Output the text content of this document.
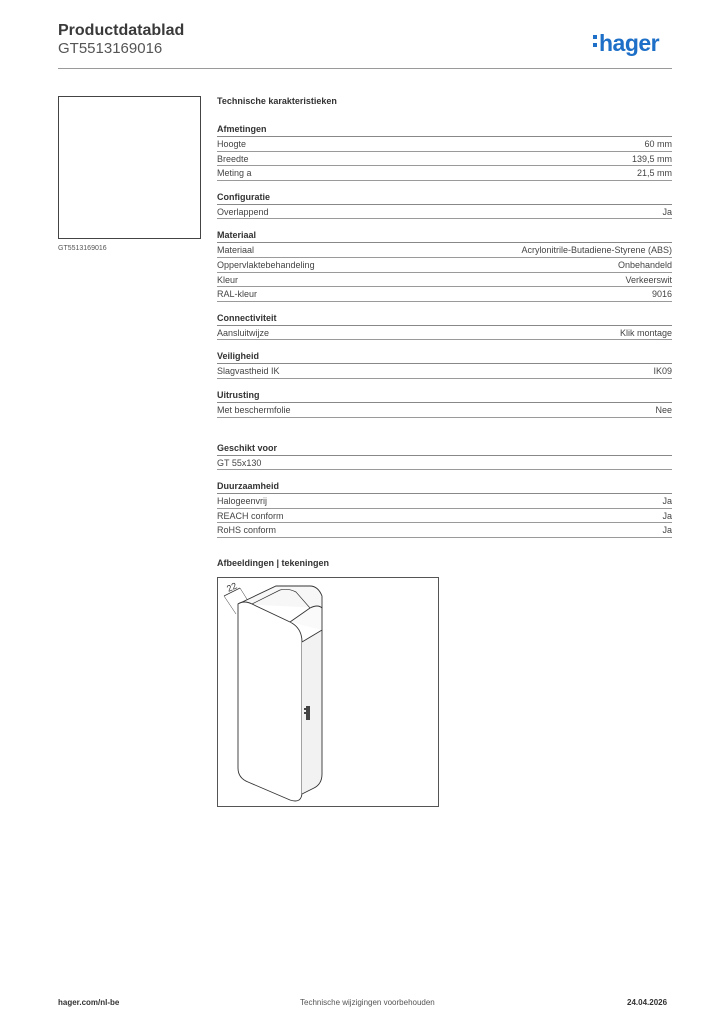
Productdatablad
GT5513169016	hager
GT5513169016
Technische karakteristieken
Afmetingen
Hoogte	60 mm
Breedte	139,5 mm
Meting a	21,5 mm
Configuratie
Overlappend	Ja
Materiaal
Materiaal	Acrylonitrile-Butadiene-Styrene (ABS)
Oppervlaktebehandeling	Onbehandeld
Kleur	Verkeerswit
RAL-kleur	9016
Connectiviteit
Aansluitwijze	Klik montage
Veiligheid
Slagvastheid IK	IK09
Uitrusting
Met beschermfolie	Nee
Geschikt voor
GT 55x130
Duurzaamheid
Halogeenvrij	Ja
REACH conform	Ja
RoHS conform	Ja
Afbeeldingen | tekeningen
22
hager.com/nl-be	Technische wijzigingen voorbehouden	24.04.2026
